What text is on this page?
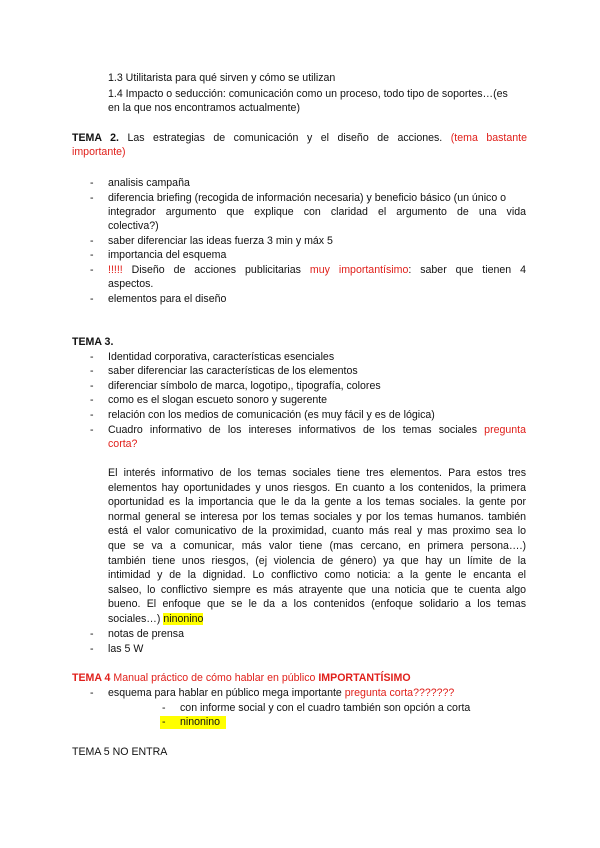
1.3 Utilitarista para qué sirven y cómo se utilizan
1.4 Impacto o seducción: comunicación como un proceso, todo tipo de soportes…(es
en la que nos encontramos actualmente)
TEMA 2. Las estrategias de comunicación y el diseño de acciones. (tema bastante
importante)
- analisis campaña
- diferencia briefing (recogida de información necesaria) y beneficio básico (un único o
integrador argumento que explique con claridad el argumento de una vida
colectiva?)
- saber diferenciar las ideas fuerza 3 min y máx 5
- importancia del esquema
- !!!!! Diseño de acciones publicitarias muy importantísimo: saber que tienen 4
aspectos.
- elementos para el diseño
TEMA 3.
- Identidad corporativa, características esenciales
- saber diferenciar las características de los elementos
- diferenciar símbolo de marca, logotipo,, tipografía, colores
- como es el slogan escueto sonoro y sugerente
- relación con los medios de comunicación (es muy fácil y es de lógica)
- Cuadro informativo de los intereses informativos de los temas sociales pregunta
corta?
El interés informativo de los temas sociales tiene tres elementos. Para estos tres
elementos hay oportunidades y unos riesgos. En cuanto a los contenidos, la primera
oportunidad es la importancia que le da la gente a los temas sociales. la gente por
normal general se interesa por los temas sociales y por los temas humanos. también
está el valor comunicativo de la proximidad, cuanto más real y mas proximo sea lo
que se va a comunicar, más valor tiene (mas cercano, en primera persona….)
también tiene unos riesgos, (ej violencia de género) ya que hay un límite de la
intimidad y de la dignidad. Lo conflictivo como noticia: a la gente le encanta el
salseo, lo conflictivo siempre es más atrayente que una noticia que te cuenta algo
bueno. El enfoque que se le da a los contenidos (enfoque solidario a los temas
sociales…) ninonino
- notas de prensa
- las 5 W
TEMA 4 Manual práctico de cómo hablar en público IMPORTANTÍSIMO
- esquema para hablar en público mega importante pregunta corta???????
- con informe social y con el cuadro también son opción a corta
- ninonino
TEMA 5 NO ENTRA
